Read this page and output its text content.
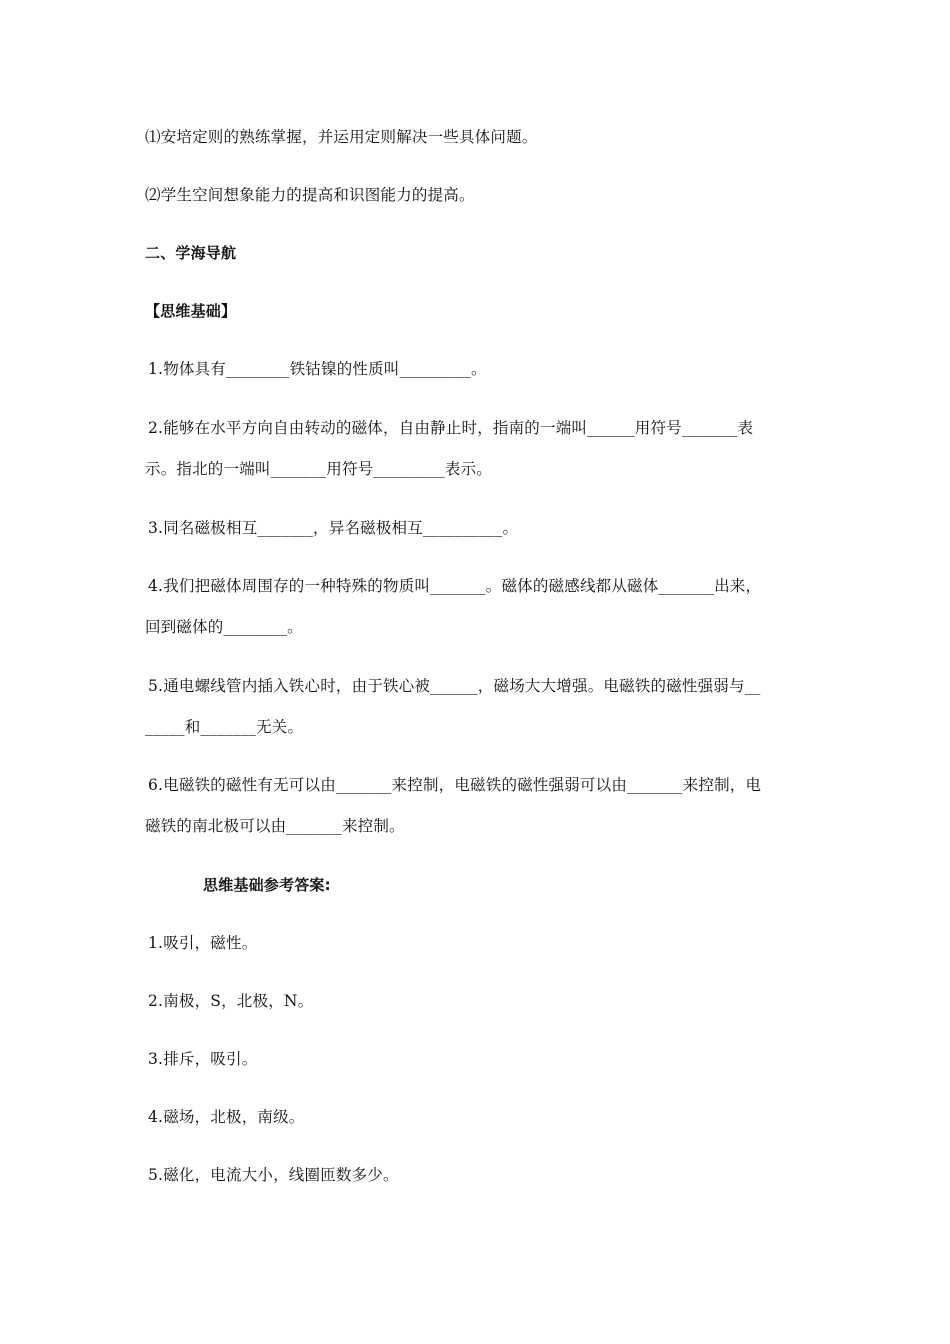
⑴安培定则的熟练掌握，并运用定则解决一些具体问题。
⑵学生空间想象能力的提高和识图能力的提高。
二、学海导航
【思维基础】
1.物体具有________铁钴镍的性质叫_________。
2.能够在水平方向自由转动的磁体，自由静止时，指南的一端叫______用符号_______表
示。指北的一端叫_______用符号_________表示。
3.同名磁极相互_______，异名磁极相互__________。
4.我们把磁体周围存的一种特殊的物质叫_______。磁体的磁感线都从磁体_______出来，
回到磁体的________。
5.通电螺线管内插入铁心时，由于铁心被______，磁场大大增强。电磁铁的磁性强弱与__
_____和_______无关。
6.电磁铁的磁性有无可以由_______来控制，电磁铁的磁性强弱可以由_______来控制，电
磁铁的南北极可以由_______来控制。
思维基础参考答案:
1.吸引，磁性。
2.南极，S，北极，N。
3.排斥，吸引。
4.磁场，北极，南级。
5.磁化，电流大小，线圈匝数多少。
